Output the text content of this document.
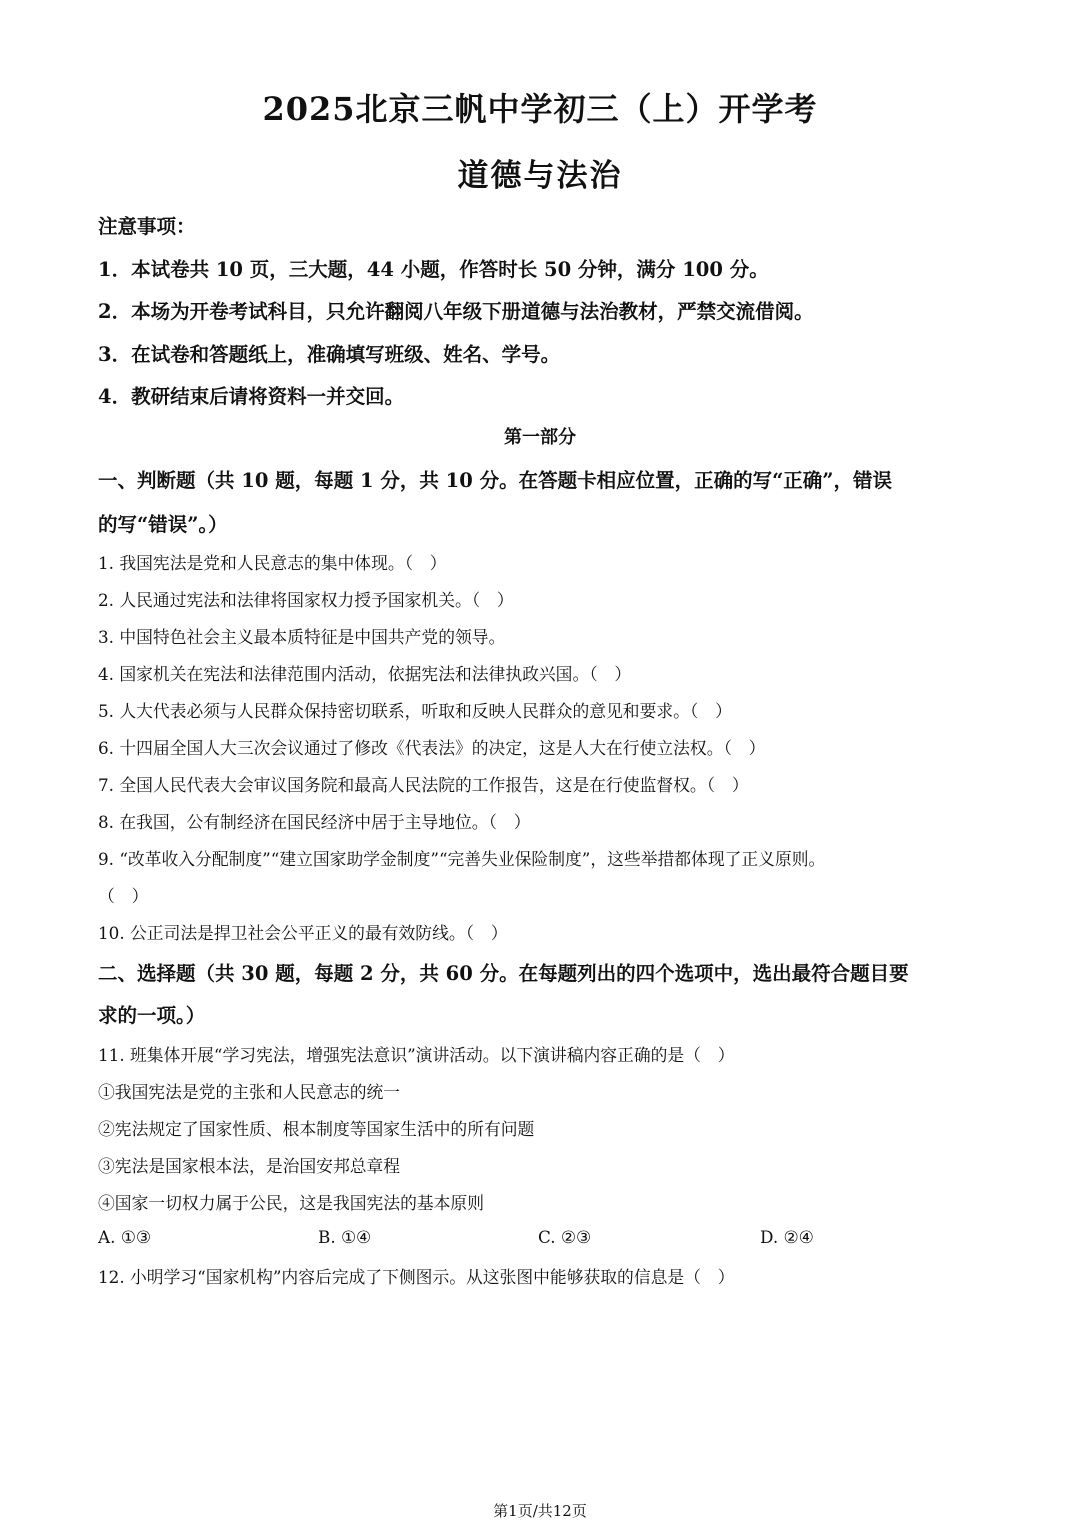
2025北京三帆中学初三（上）开学考
道德与法治
注意事项：
1．本试卷共 10 页，三大题，44 小题，作答时长 50 分钟，满分 100 分。
2．本场为开卷考试科目，只允许翻阅八年级下册道德与法治教材，严禁交流借阅。
3．在试卷和答题纸上，准确填写班级、姓名、学号。
4．教研结束后请将资料一并交回。
第一部分
一、判断题（共 10 题，每题 1 分，共 10 分。在答题卡相应位置，正确的写“正确”，错误
的写“错误”。）
1. 我国宪法是党和人民意志的集中体现。（　）
2. 人民通过宪法和法律将国家权力授予国家机关。（　）
3. 中国特色社会主义最本质特征是中国共产党的领导。
4. 国家机关在宪法和法律范围内活动，依据宪法和法律执政兴国。（　）
5. 人大代表必须与人民群众保持密切联系，听取和反映人民群众的意见和要求。（　）
6. 十四届全国人大三次会议通过了修改《代表法》的决定，这是人大在行使立法权。（　）
7. 全国人民代表大会审议国务院和最高人民法院的工作报告，这是在行使监督权。（　）
8. 在我国，公有制经济在国民经济中居于主导地位。（　）
9. “改革收入分配制度”“建立国家助学金制度”“完善失业保险制度”，这些举措都体现了正义原则。
（　）
10. 公正司法是捍卫社会公平正义的最有效防线。（　）
二、选择题（共 30 题，每题 2 分，共 60 分。在每题列出的四个选项中，选出最符合题目要
求的一项。）
11. 班集体开展“学习宪法，增强宪法意识”演讲活动。以下演讲稿内容正确的是（　）
①我国宪法是党的主张和人民意志的统一
②宪法规定了国家性质、根本制度等国家生活中的所有问题
③宪法是国家根本法，是治国安邦总章程
④国家一切权力属于公民，这是我国宪法的基本原则
A. ①③	B. ①④	C. ②③	D. ②④
12. 小明学习“国家机构”内容后完成了下侧图示。从这张图中能够获取的信息是（　）
第1页/共12页
